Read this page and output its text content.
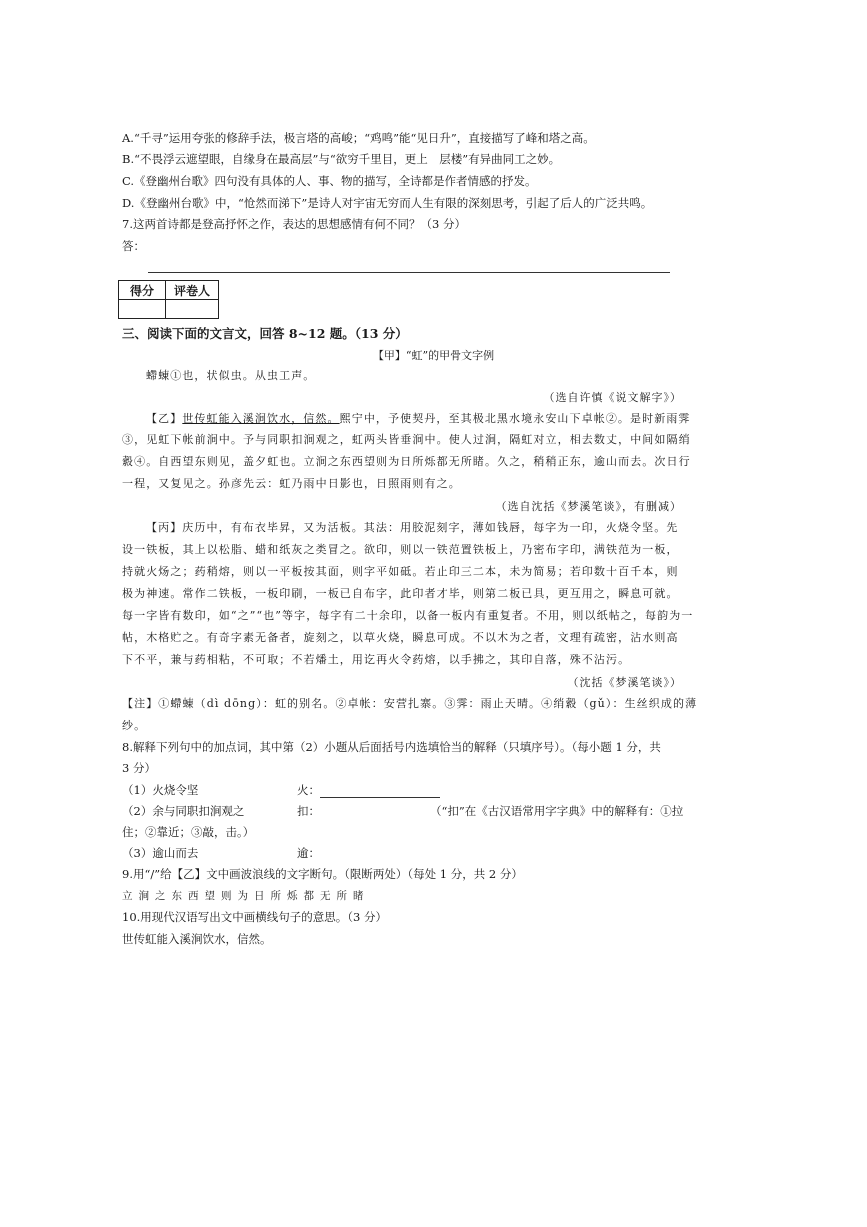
A.“千寻”运用夸张的修辞手法，极言塔的高峻；“鸡鸣”能“见日升”，直接描写了峰和塔之高。
B.“不畏浮云遮望眼，自缘身在最高层”与“欲穷千里目，更上　层楼”有异曲同工之妙。
C.《登幽州台歌》四句没有具体的人、事、物的描写，全诗都是作者情感的抒发。
D.《登幽州台歌》中，“怆然而涕下”是诗人对宇宙无穷而人生有限的深刻思考，引起了后人的广泛共鸣。
7.这两首诗都是登高抒怀之作，表达的思想感情有何不同？（3 分）
答：
得分	评卷人

三、阅读下面的文言文，回答 8~12 题。（13 分）
【甲】“虹”的甲骨文字例
螮蝀①也，状似虫。从虫工声。
（选自许慎《说文解字》）
【乙】世传虹能入溪涧饮水，信然。熙宁中，予使契丹，至其极北黑水境永安山下卓帐②。是时新雨霁
③，见虹下帐前涧中。予与同职扣涧观之，虹两头皆垂涧中。使人过涧，隔虹对立，相去数丈，中间如隔绡
縠④。自西望东则见，盖夕虹也。立涧之东西望则为日所烁都无所睹。久之，稍稍正东，逾山而去。次日行
一程，又复见之。孙彦先云：虹乃雨中日影也，日照雨则有之。
（选自沈括《梦溪笔谈》，有删减）
【丙】庆历中，有布衣毕昇，又为活板。其法：用胶泥刻字，薄如钱唇，每字为一印，火烧令坚。先
设一铁板，其上以松脂、蜡和纸灰之类冒之。欲印，则以一铁范置铁板上，乃密布字印，满铁范为一板，
持就火炀之；药稍熔，则以一平板按其面，则字平如砥。若止印三二本，未为简易；若印数十百千本，则
极为神速。常作二铁板，一板印刷，一板已自布字，此印者才毕，则第二板已具，更互用之，瞬息可就。
每一字皆有数印，如“之”“也”等字，每字有二十余印，以备一板内有重复者。不用，则以纸帖之，每韵为一
帖，木格贮之。有奇字素无备者，旋刻之，以草火烧，瞬息可成。不以木为之者，文理有疏密，沾水则高
下不平，兼与药相粘，不可取；不若燔土，用讫再火令药熔，以手拂之，其印自落，殊不沾污。
（沈括《梦溪笔谈》）
【注】①螮蝀（dì dōng）：虹的别名。②卓帐：安营扎寨。③霁：雨止天晴。④绡縠（gǔ）：生丝织成的薄
纱。
8.解释下列句中的加点词，其中第（2）小题从后面括号内选填恰当的解释（只填序号）。（每小题 1 分，共
3 分）
（1）火烧令坚	火：
（2）余与同职扣涧观之	扣：	（“扣”在《古汉语常用字字典》中的解释有：①拉
住；②靠近；③敲，击。）
（3）逾山而去	逾：
9.用“/”给【乙】文中画波浪线的文字断句。（限断两处）（每处 1 分，共 2 分）
立涧之东西望则为日所烁都无所睹
10.用现代汉语写出文中画横线句子的意思。（3 分）
世传虹能入溪涧饮水，信然。
